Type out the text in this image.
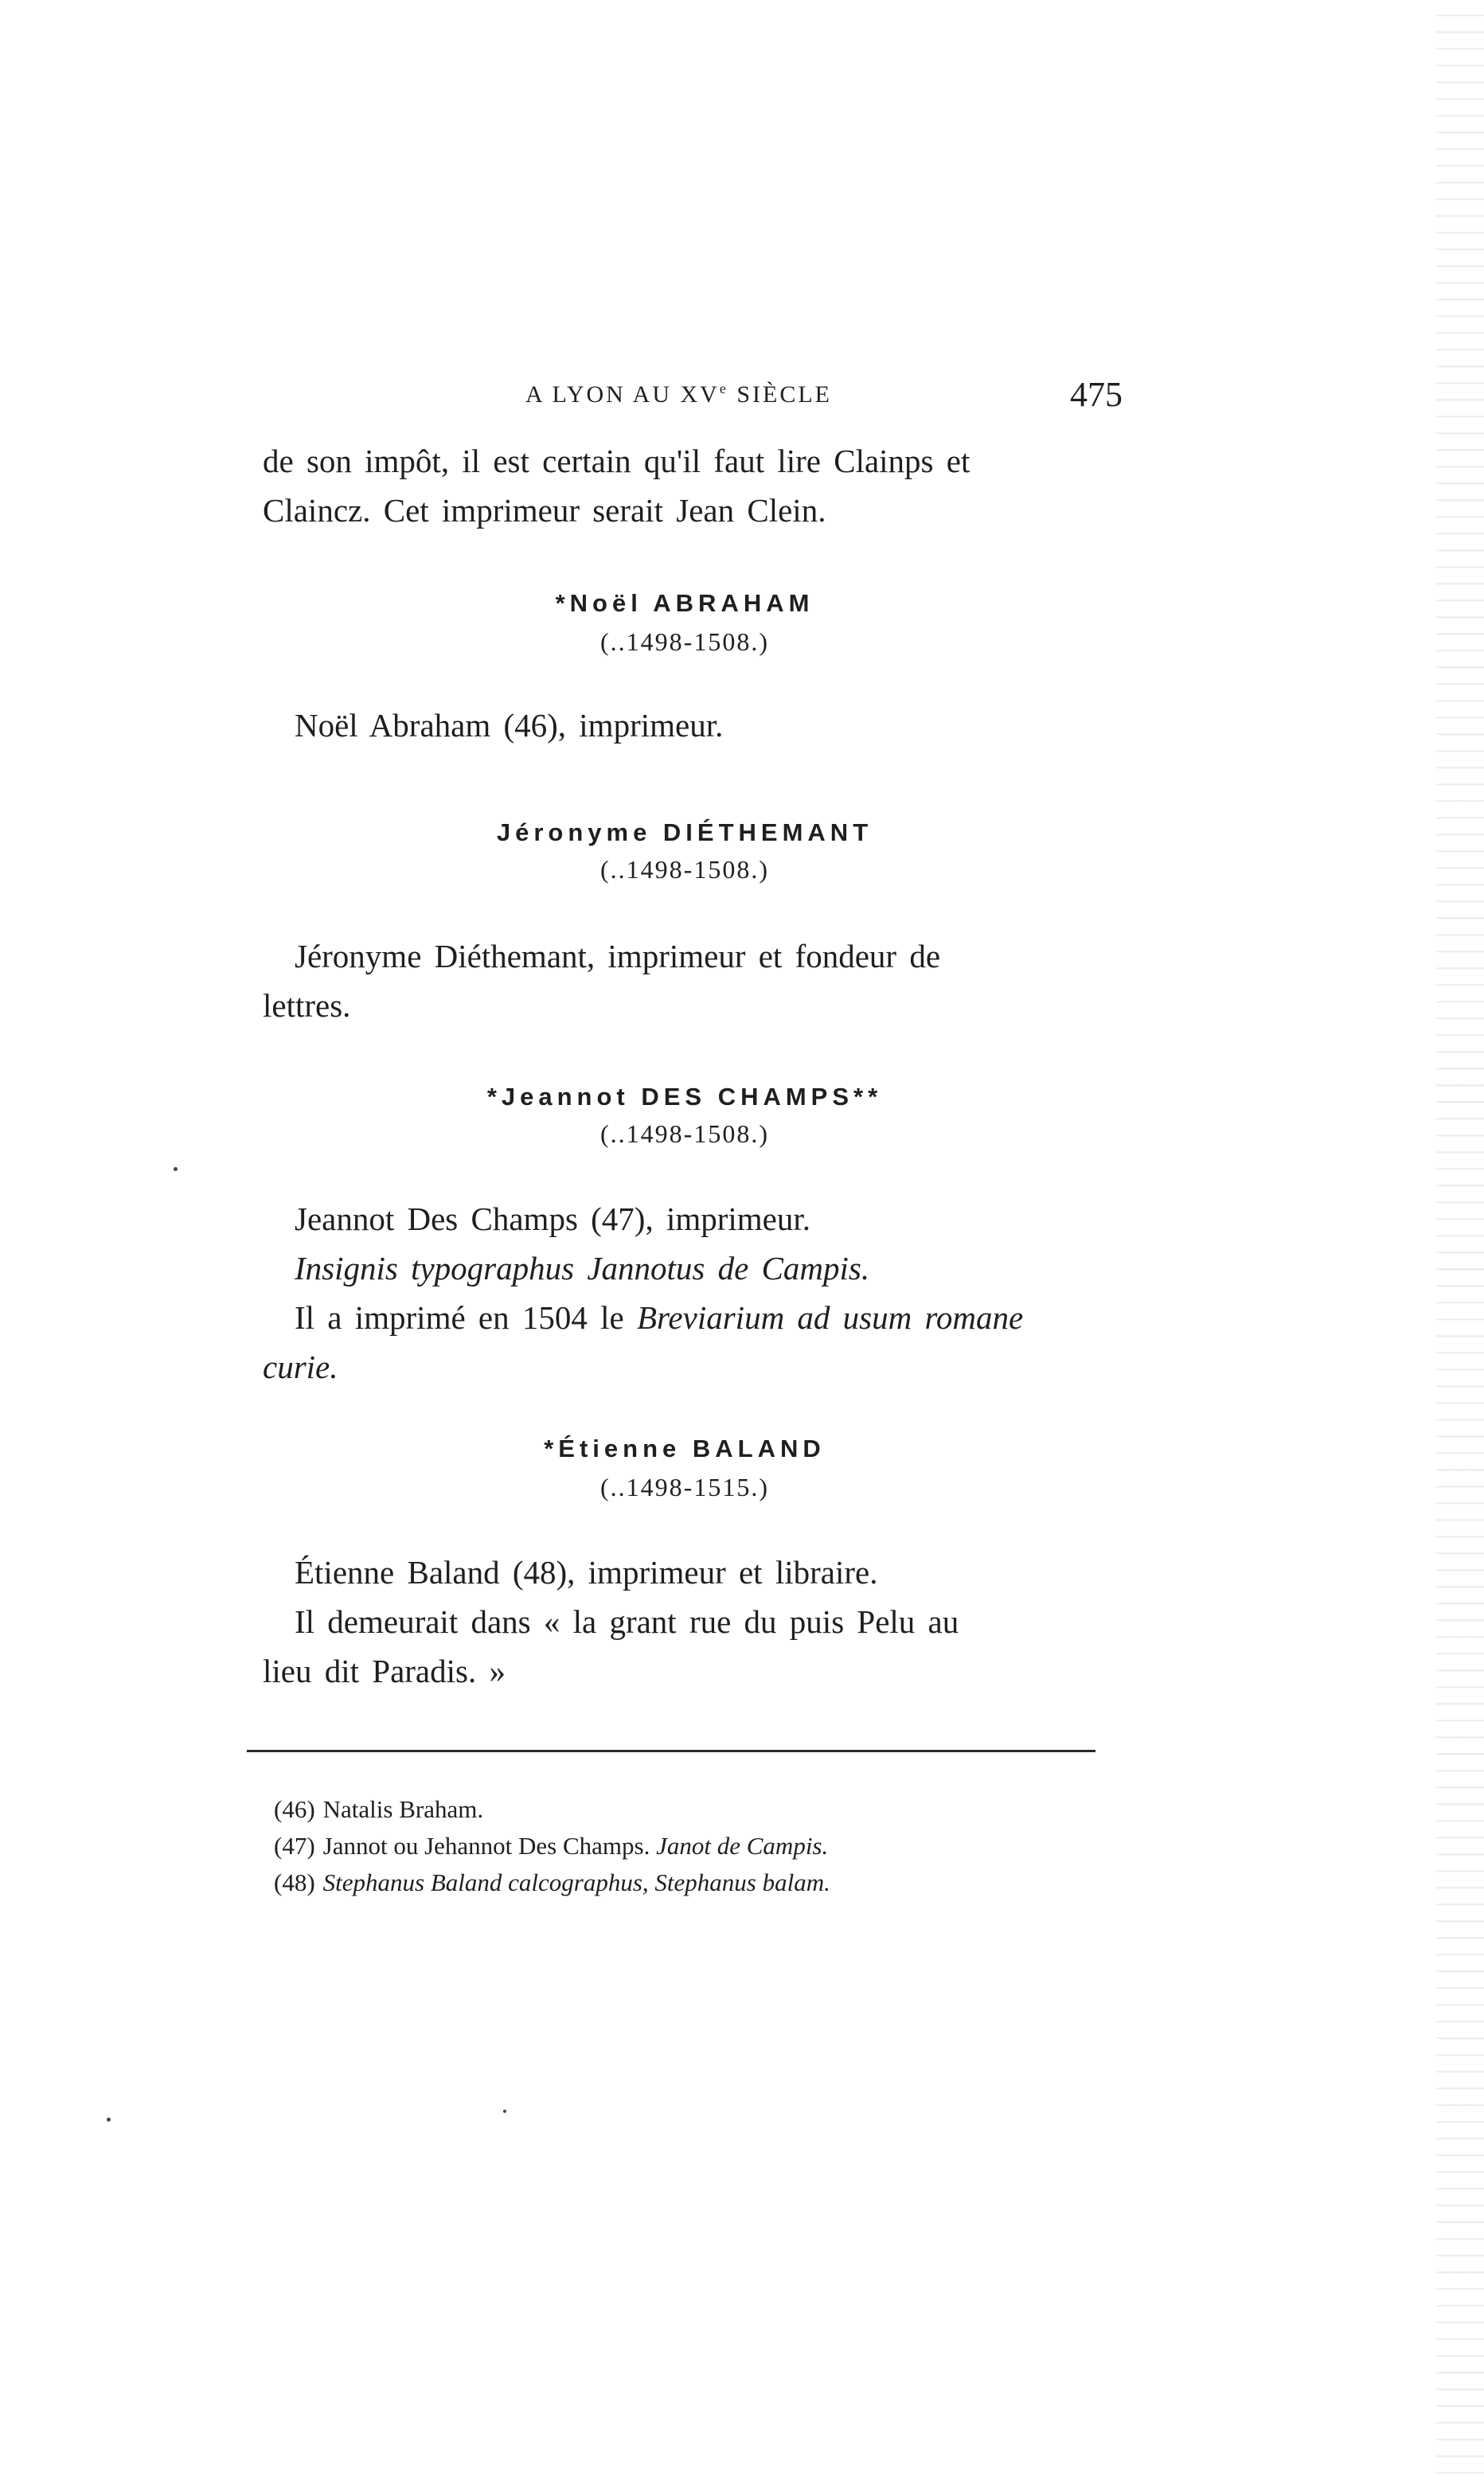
A LYON AU XVe SIÈCLE	475

de son impôt, il est certain qu'il faut lire Clainps et
Claincz. Cet imprimeur serait Jean Clein.

*Noël ABRAHAM
(..1498-1508.)

Noël Abraham (46), imprimeur.

Jéronyme DIÉTHEMANT
(..1498-1508.)

Jéronyme Diéthemant, imprimeur et fondeur de
lettres.

*Jeannot DES CHAMPS**
(..1498-1508.)

Jeannot Des Champs (47), imprimeur.
Insignis typographus Jannotus de Campis.
Il a imprimé en 1504 le Breviarium ad usum romane
curie.

*Étienne BALAND
(..1498-1515.)

Étienne Baland (48), imprimeur et libraire.
Il demeurait dans « la grant rue du puis Pelu au
lieu dit Paradis. »

(46) Natalis Braham.
(47) Jannot ou Jehannot Des Champs. Janot de Campis.
(48) Stephanus Baland calcographus, Stephanus balam.
